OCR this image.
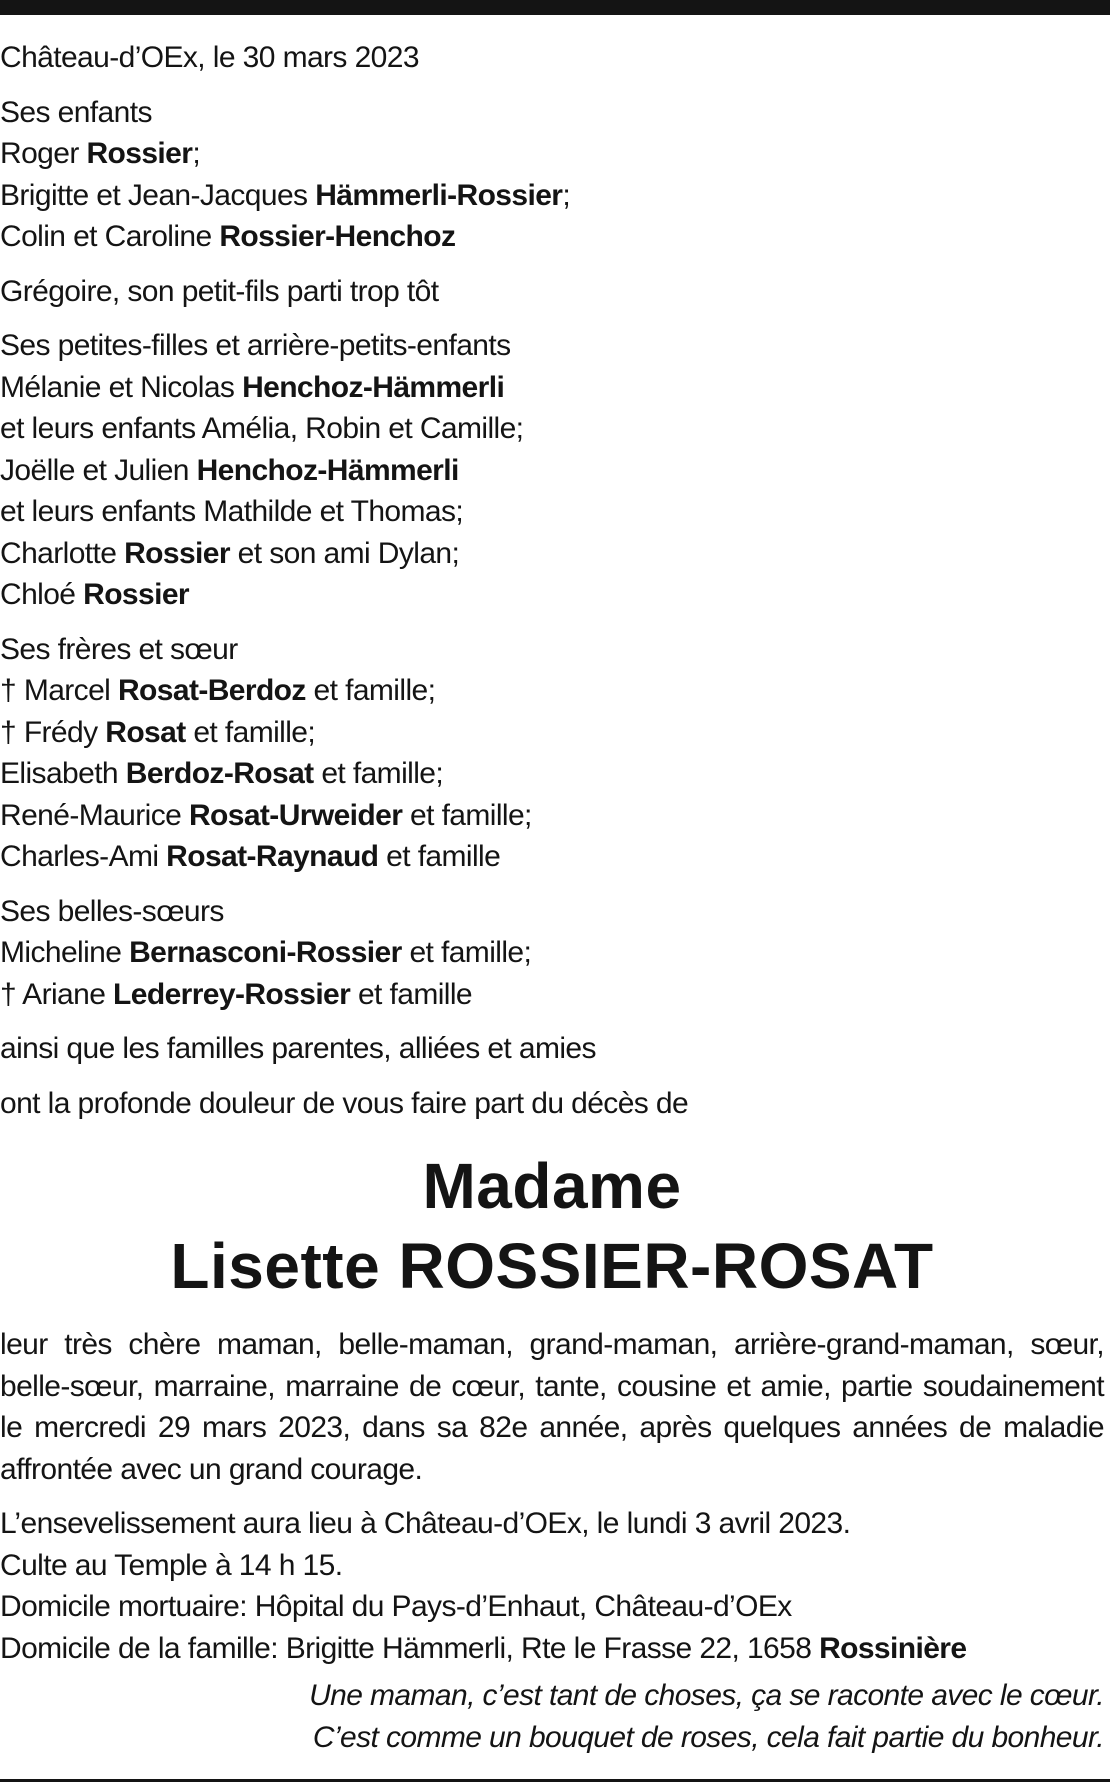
Château-d’OEx, le 30 mars 2023
Ses enfants
Roger Rossier;
Brigitte et Jean-Jacques Hämmerli-Rossier;
Colin et Caroline Rossier-Henchoz
Grégoire, son petit-fils parti trop tôt
Ses petites-filles et arrière-petits-enfants
Mélanie et Nicolas Henchoz-Hämmerli
et leurs enfants Amélia, Robin et Camille;
Joëlle et Julien Henchoz-Hämmerli
et leurs enfants Mathilde et Thomas;
Charlotte Rossier et son ami Dylan;
Chloé Rossier
Ses frères et sœur
† Marcel Rosat-Berdoz et famille;
† Frédy Rosat et famille;
Elisabeth Berdoz-Rosat et famille;
René-Maurice Rosat-Urweider et famille;
Charles-Ami Rosat-Raynaud et famille
Ses belles-sœurs
Micheline Bernasconi-Rossier et famille;
† Ariane Lederrey-Rossier et famille
ainsi que les familles parentes, alliées et amies
ont la profonde douleur de vous faire part du décès de
Madame
Lisette ROSSIER-ROSAT
leur très chère maman, belle-maman, grand-maman, arrière-grand-maman, sœur, belle-sœur, marraine, marraine de cœur, tante, cousine et amie, partie soudainement le mercredi 29 mars 2023, dans sa 82e année, après quelques années de maladie affrontée avec un grand courage.
L’ensevelissement aura lieu à Château-d’OEx, le lundi 3 avril 2023.
Culte au Temple à 14 h 15.
Domicile mortuaire: Hôpital du Pays-d’Enhaut, Château-d’OEx
Domicile de la famille: Brigitte Hämmerli, Rte le Frasse 22, 1658 Rossinière
Une maman, c’est tant de choses, ça se raconte avec le cœur.
C’est comme un bouquet de roses, cela fait partie du bonheur.
